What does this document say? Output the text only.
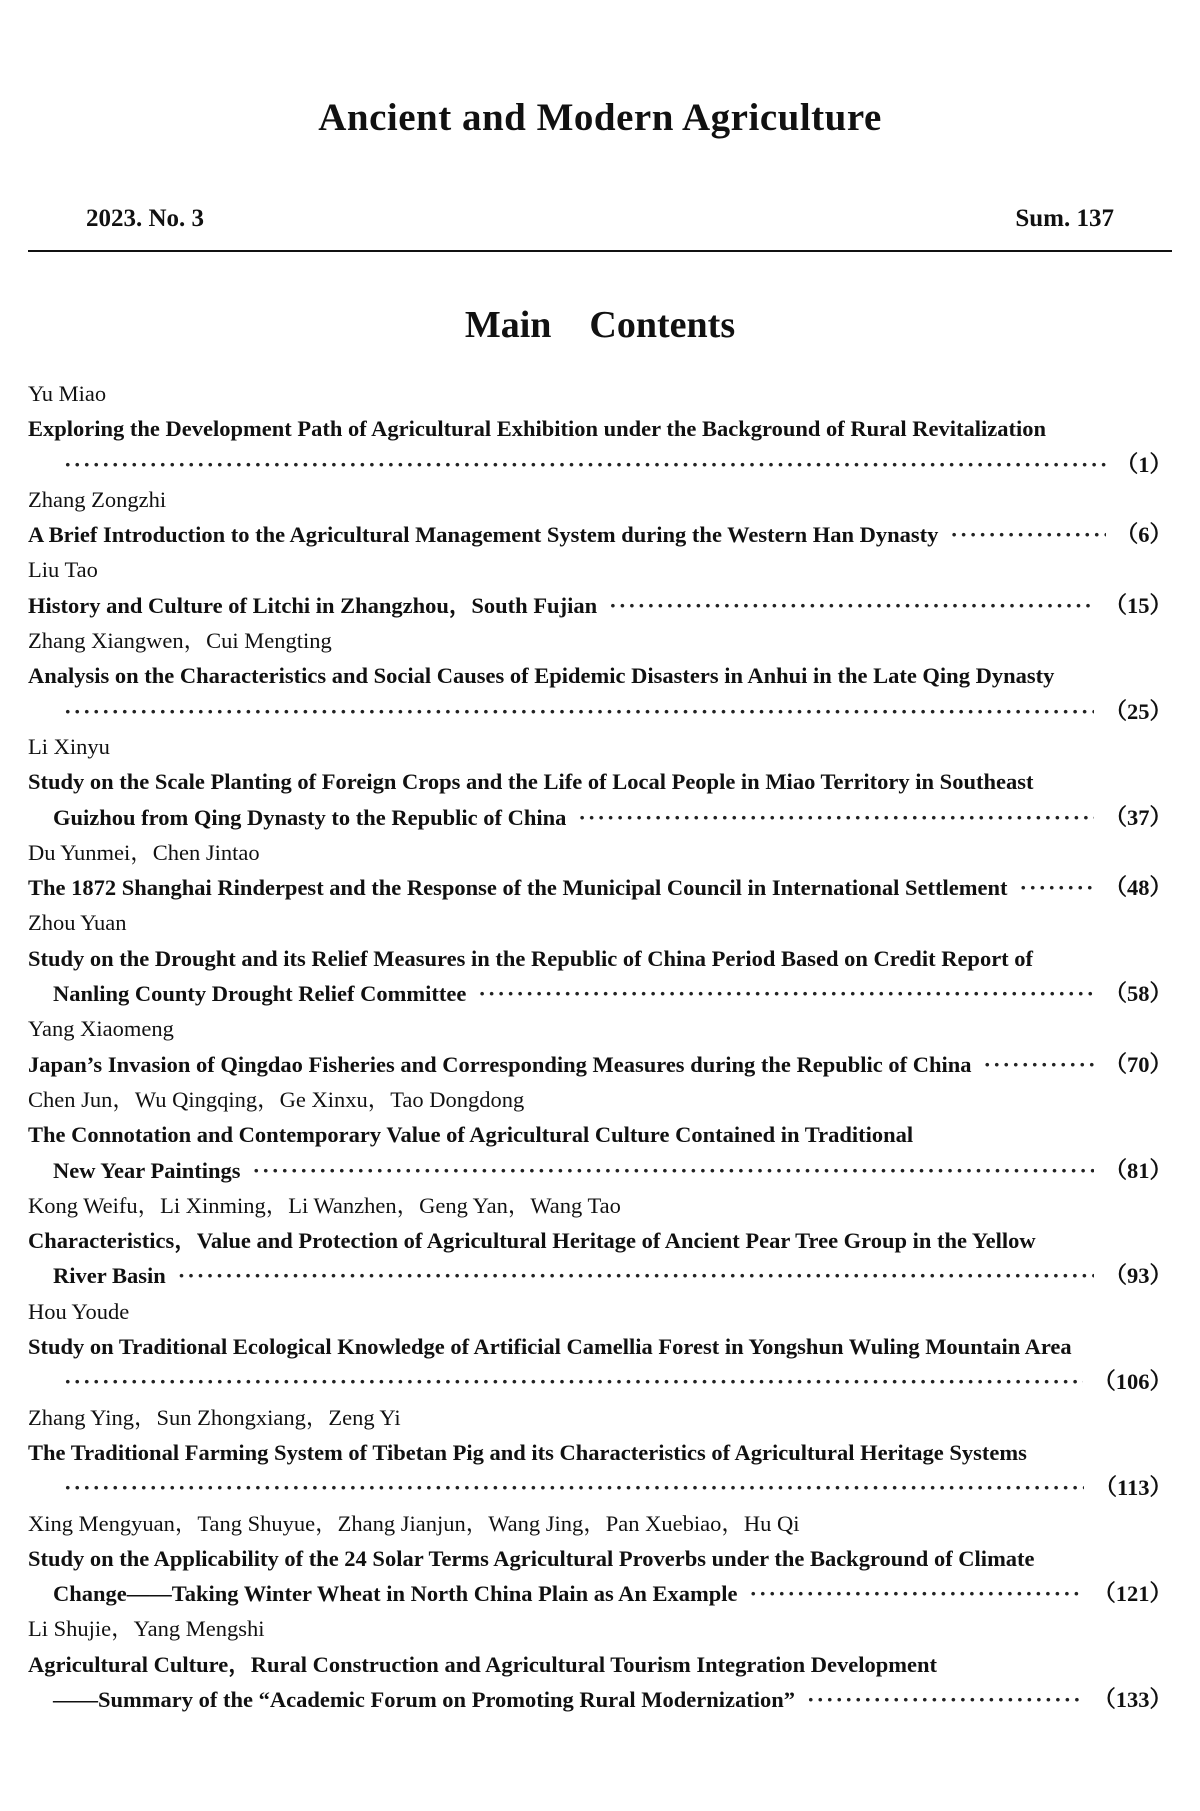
Ancient and Modern Agriculture
2023. No. 3	Sum. 137
Main　Contents
Yu Miao
Exploring the Development Path of Agricultural Exhibition under the Background of Rural Revitalization
·····
（1）
Zhang Zongzhi
A Brief Introduction to the Agricultural Management System during the Western Han Dynasty ·····	（6）
Liu Tao
History and Culture of Litchi in Zhangzhou，South Fujian ·····	（15）
Zhang Xiangwen，Cui Mengting
Analysis on the Characteristics and Social Causes of Epidemic Disasters in Anhui in the Late Qing Dynasty
·····
（25）
Li Xinyu
Study on the Scale Planting of Foreign Crops and the Life of Local People in Miao Territory in Southeast
Guizhou from Qing Dynasty to the Republic of China ·····	（37）
Du Yunmei，Chen Jintao
The 1872 Shanghai Rinderpest and the Response of the Municipal Council in International Settlement ·····	（48）
Zhou Yuan
Study on the Drought and its Relief Measures in the Republic of China Period Based on Credit Report of
Nanling County Drought Relief Committee ·····	（58）
Yang Xiaomeng
Japan’s Invasion of Qingdao Fisheries and Corresponding Measures during the Republic of China ·····	（70）
Chen Jun，Wu Qingqing，Ge Xinxu，Tao Dongdong
The Connotation and Contemporary Value of Agricultural Culture Contained in Traditional
New Year Paintings ·····	（81）
Kong Weifu，Li Xinming，Li Wanzhen，Geng Yan，Wang Tao
Characteristics，Value and Protection of Agricultural Heritage of Ancient Pear Tree Group in the Yellow
River Basin ·····	（93）
Hou Youde
Study on Traditional Ecological Knowledge of Artificial Camellia Forest in Yongshun Wuling Mountain Area
·····
（106）
Zhang Ying，Sun Zhongxiang，Zeng Yi
The Traditional Farming System of Tibetan Pig and its Characteristics of Agricultural Heritage Systems
·····
（113）
Xing Mengyuan，Tang Shuyue，Zhang Jianjun，Wang Jing，Pan Xuebiao，Hu Qi
Study on the Applicability of the 24 Solar Terms Agricultural Proverbs under the Background of Climate
Change——Taking Winter Wheat in North China Plain as An Example ·····	（121）
Li Shujie，Yang Mengshi
Agricultural Culture，Rural Construction and Agricultural Tourism Integration Development
——Summary of the “Academic Forum on Promoting Rural Modernization” ·····	（133）
